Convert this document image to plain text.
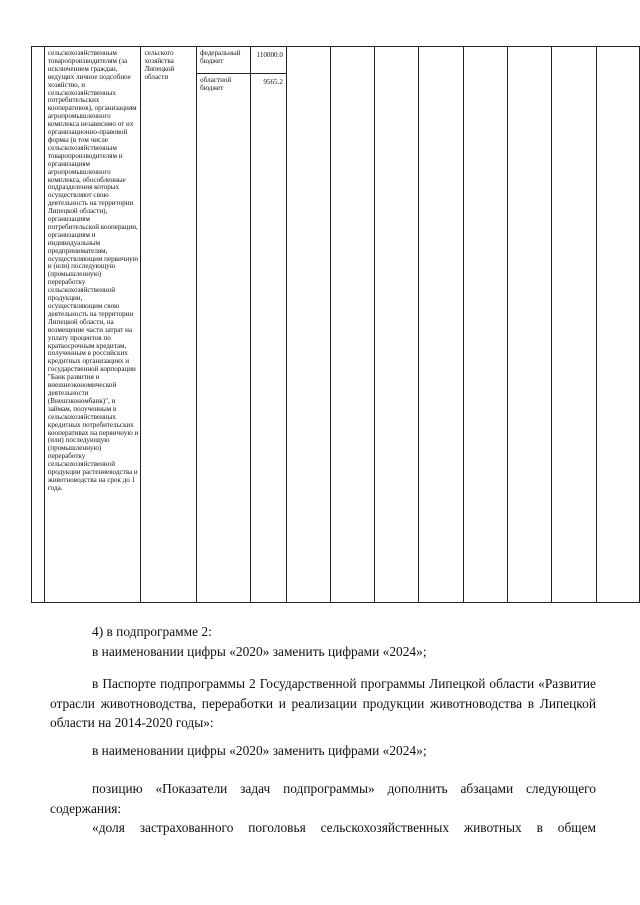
	сельскохозяйственным товаропроизводителям (за исключением граждан, ведущих личное подсобное хозяйство, и сельскохозяйственных потребительских кооперативов), организациям агропромышленного комплекса независимо от их организационно-правовой формы (в том числе сельскохозяйственным товаропроизводителям и организациям агропромышленного комплекса, обособленные подразделения которых осуществляют свою деятельность на территории Липецкой области), организациям потребительской кооперации, организациям и индивидуальным предпринимателям, осуществляющим первичную и (или) последующую (промышленную) переработку сельскохозяйственной продукции, осуществляющим свою деятельность на территории Липецкой области, на возмещение части затрат на уплату процентов по краткосрочным кредитам, полученным в российских кредитных организациях и государственной корпорации "Банк развития и внешнеэкономической деятельности (Внешэкономбанк)", и займам, полученным в сельскохозяйственных кредитных потребительских кооперативах на первичную и (или) последующую (промышленную) переработку сельскохозяйственной продукции растениеводства и животноводства на срок до 1 года.	сельского хозяйства Липецкой области	федеральный бюджет	110000.0								

			областной бюджет	9565.2								

4) в подпрограмме 2:

в наименовании цифры «2020» заменить цифрами «2024»;

в Паспорте подпрограммы 2 Государственной программы Липецкой области «Развитие отрасли животноводства, переработки и реализации продукции животноводства в Липецкой области на 2014-2020 годы»:

в наименовании цифры «2020» заменить цифрами «2024»;

позицию «Показатели задач подпрограммы» дополнить абзацами следующего содержания:

«доля застрахованного поголовья сельскохозяйственных животных в общем
